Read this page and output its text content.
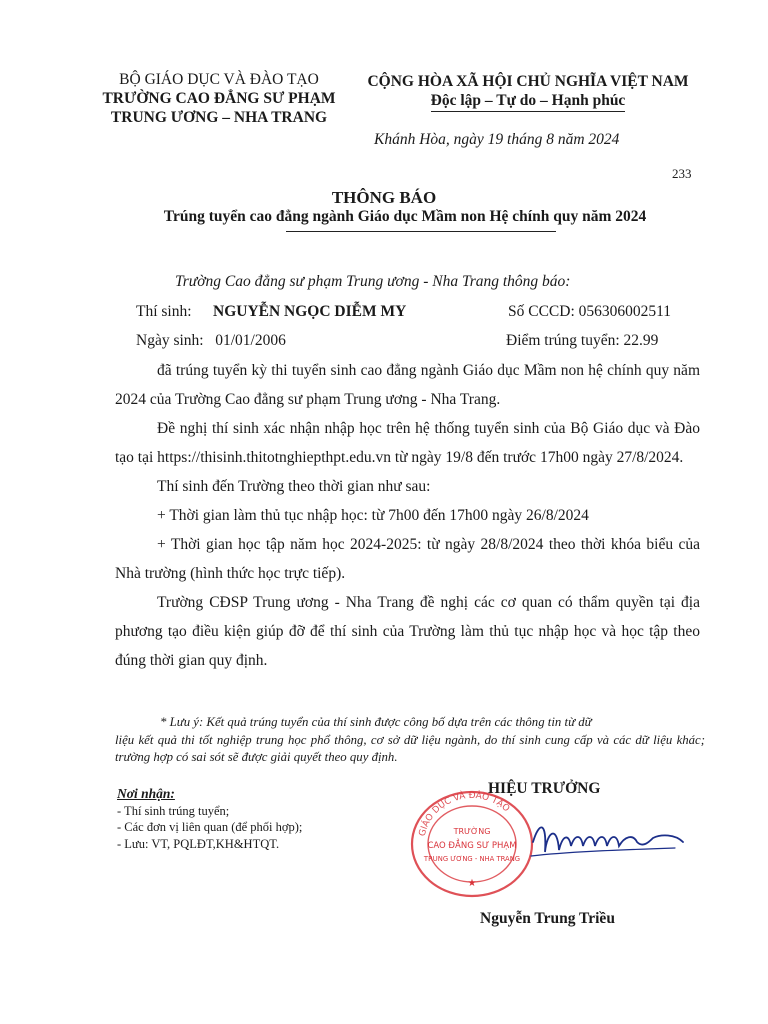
BỘ GIÁO DỤC VÀ ĐÀO TẠO
TRƯỜNG CAO ĐẲNG SƯ PHẠM
TRUNG ƯƠNG – NHA TRANG
CỘNG HÒA XÃ HỘI CHỦ NGHĨA VIỆT NAM
Độc lập – Tự do – Hạnh phúc
Khánh Hòa, ngày 19 tháng 8 năm 2024
233
THÔNG BÁO
Trúng tuyển cao đẳng ngành Giáo dục Mầm non Hệ chính quy năm 2024
Trường Cao đẳng sư phạm Trung ương - Nha Trang thông báo:
Thí sinh: NGUYỄN NGỌC DIỄM MY	Số CCCD: 056306002511
Ngày sinh:   01/01/2006	Điểm trúng tuyển: 22.99

đã trúng tuyển kỳ thi tuyển sinh cao đẳng ngành Giáo dục Mầm non hệ chính quy năm 2024 của Trường Cao đẳng sư phạm Trung ương - Nha Trang.

Đề nghị thí sinh xác nhận nhập học trên hệ thống tuyển sinh của Bộ Giáo dục và Đào tạo tại https://thisinh.thitotnghiepthpt.edu.vn từ ngày 19/8 đến trước 17h00 ngày 27/8/2024.

Thí sinh đến Trường theo thời gian như sau:

+ Thời gian làm thủ tục nhập học: từ 7h00 đến 17h00 ngày 26/8/2024

+ Thời gian học tập năm học 2024-2025: từ ngày 28/8/2024 theo thời khóa biểu của Nhà trường (hình thức học trực tiếp).

Trường CĐSP Trung ương - Nha Trang đề nghị các cơ quan có thẩm quyền tại địa phương tạo điều kiện giúp đỡ để thí sinh của Trường làm thủ tục nhập học và học tập theo đúng thời gian quy định.

* Lưu ý: Kết quả trúng tuyển của thí sinh được công bố dựa trên các thông tin từ dữ
liệu kết quả thi tốt nghiệp trung học phổ thông, cơ sở dữ liệu ngành, do thí sinh cung cấp và các dữ liệu khác; trường hợp có sai sót sẽ được giải quyết theo quy định.
Nơi nhận:
- Thí sinh trúng tuyển;
- Các đơn vị liên quan (để phối hợp);
- Lưu: VT, PQLĐT,KH&HTQT.
GIÁO DỤC VÀ ĐÀO TẠO
TRƯỜNG
CAO ĐẲNG SƯ PHẠM
TRUNG ƯƠNG - NHA TRANG
★
HIỆU TRƯỞNG
Nguyễn Trung Triều
